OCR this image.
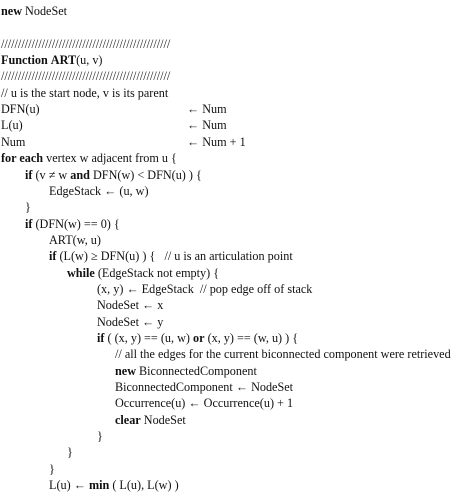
new NodeSet
//////////////////////////////////////////////////
Function ART(u, v)
//////////////////////////////////////////////////
// u is the start node, v is its parent
DFN(u)	← Num
L(u)	← Num
Num	← Num + 1
for each vertex w adjacent from u {
if (v ≠ w and DFN(w) < DFN(u) ) {
EdgeStack ← (u, w)
}
if (DFN(w) == 0) {
ART(w, u)
if (L(w) ≥ DFN(u) ) {   // u is an articulation point
while (EdgeStack not empty) {
(x, y) ← EdgeStack  // pop edge off of stack
NodeSet ← x
NodeSet ← y
if ( (x, y) == (u, w) or (x, y) == (w, u) ) {
// all the edges for the current biconnected component were retrieved
new BiconnectedComponent
BiconnectedComponent ← NodeSet
Occurrence(u) ← Occurrence(u) + 1
clear NodeSet
}
}
}
L(u) ← min ( L(u), L(w) )
